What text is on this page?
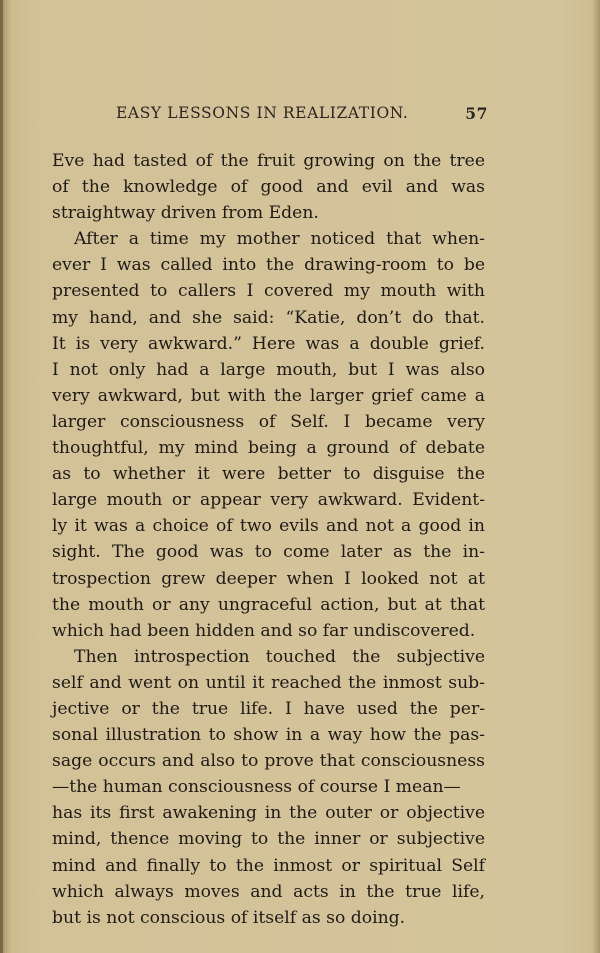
EASY LESSONS IN REALIZATION.	57
Eve had tasted of the fruit growing on the tree
of the knowledge of good and evil and was
straightway driven from Eden.
After a time my mother noticed that when-
ever I was called into the drawing-room to be
presented to callers I covered my mouth with
my hand, and she said: “Katie, don’t do that.
It is very awkward.” Here was a double grief.
I not only had a large mouth, but I was also
very awkward, but with the larger grief came a
larger consciousness of Self. I became very
thoughtful, my mind being a ground of debate
as to whether it were better to disguise the
large mouth or appear very awkward. Evident-
ly it was a choice of two evils and not a good in
sight. The good was to come later as the in-
trospection grew deeper when I looked not at
the mouth or any ungraceful action, but at that
which had been hidden and so far undiscovered.
Then introspection touched the subjective
self and went on until it reached the inmost sub-
jective or the true life. I have used the per-
sonal illustration to show in a way how the pas-
sage occurs and also to prove that consciousness
—the human consciousness of course I mean—
has its first awakening in the outer or objective
mind, thence moving to the inner or subjective
mind and finally to the inmost or spiritual Self
which always moves and acts in the true life,
but is not conscious of itself as so doing.
